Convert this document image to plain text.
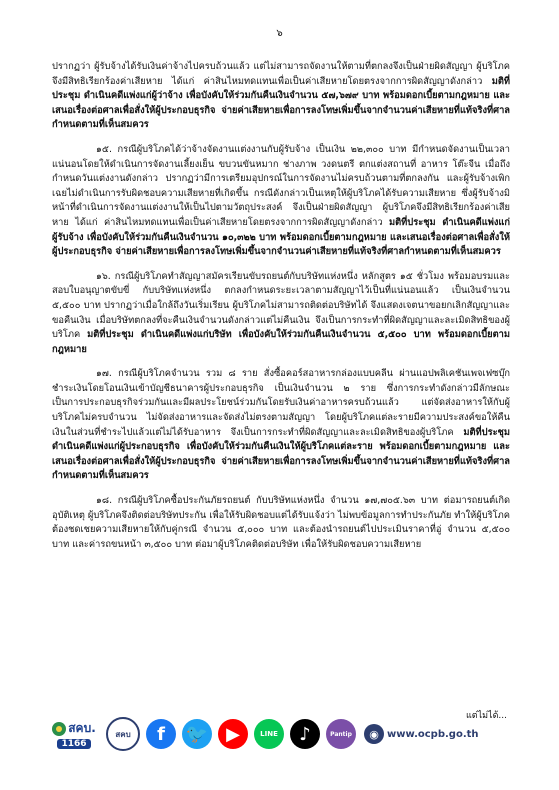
๖

ปรากฏว่า ผู้รับจ้างได้รับเงินค่าจ้างไปครบถ้วนแล้ว แต่ไม่สามารถจัดงานให้ตามที่ตกลงจึงเป็นฝ่ายผิดสัญญา ผู้บริโภคจึงมีสิทธิเรียกร้องค่าเสียหาย ได้แก่ ค่าสินไหมทดแทนเพื่อเป็นค่าเสียหายโดยตรงจากการผิดสัญญาดังกล่าว มติที่ประชุม ดำเนินคดีแพ่งแก่ผู้ว่าจ้าง เพื่อบังคับให้ร่วมกันคืนเงินจำนวน ๕๗,๖๗๙ บาท พร้อมดอกเบี้ยตามกฎหมาย และเสนอเรื่องต่อศาลเพื่อสั่งให้ผู้ประกอบธุรกิจ จ่ายค่าเสียหายเพื่อการลงโทษเพิ่มขึ้นจากจำนวนค่าเสียหายที่แท้จริงที่ศาลกำหนดตามที่เห็นสมควร

๑๕. กรณีผู้บริโภคได้ว่าจ้างจัดงานแต่งงานกับผู้รับจ้าง เป็นเงิน ๒๒,๓๐๐ บาท มีกำหนดจัดงานเป็นเวลาแน่นอนโดยให้ดำเนินการจัดงานเลี้ยงเย็น ขบวนขันหมาก ช่างภาพ วงดนตรี ตกแต่งสถานที่ อาหาร โต๊ะจีน เมื่อถึงกำหนดวันแต่งงานดังกล่าว ปรากฏว่ามีการเตรียมอุปกรณ์ในการจัดงานไม่ครบถ้วนตามที่ตกลงกัน และผู้รับจ้างเพิกเฉยไม่ดำเนินการรับผิดชอบความเสียหายที่เกิดขึ้น กรณีดังกล่าวเป็นเหตุให้ผู้บริโภคได้รับความเสียหาย ซึ่งผู้รับจ้างมิหน้าที่ดำเนินการจัดงานแต่งงานให้เป็นไปตามวัตถุประสงค์ จึงเป็นฝ่ายผิดสัญญา ผู้บริโภคจึงมีสิทธิเรียกร้องค่าเสียหาย ได้แก่ ค่าสินไหมทดแทนเพื่อเป็นค่าเสียหายโดยตรงจากการผิดสัญญาดังกล่าว มติที่ประชุม ดำเนินคดีแพ่งแก่ผู้รับจ้าง เพื่อบังคับให้ร่วมกันคืนเงินจำนวน ๑๐,๓๒๒ บาท พร้อมดอกเบี้ยตามกฎหมาย และเสนอเรื่องต่อศาลเพื่อสั่งให้ผู้ประกอบธุรกิจ จ่ายค่าเสียหายเพื่อการลงโทษเพิ่มขึ้นจากจำนวนค่าเสียหายที่แท้จริงที่ศาลกำหนดตามที่เห็นสมควร

๑๖. กรณีผู้บริโภคทำสัญญาสมัครเรียนขับรถยนต์กับบริษัทแห่งหนึ่ง หลักสูตร ๑๕ ชั่วโมง พร้อมอบรมและสอบใบอนุญาตขับขี่ กับบริษัทแห่งหนึ่ง ตกลงกำหนดระยะเวลาตามสัญญาไว้เป็นที่แน่นอนแล้ว เป็นเงินจำนวน ๕,๕๐๐ บาท ปรากฏว่าเมื่อใกล้ถึงวันเริ่มเรียน ผู้บริโภคไม่สามารถติดต่อบริษัทได้ จึงแสดงเจตนาขอยกเลิกสัญญาและขอคืนเงิน เมื่อบริษัทตกลงที่จะคืนเงินจำนวนดังกล่าวแต่ไม่คืนเงิน จึงเป็นการกระทำที่ผิดสัญญาและละเมิดสิทธิของผู้บริโภค มติที่ประชุม ดำเนินคดีแพ่งแก่บริษัท เพื่อบังคับให้ร่วมกันคืนเงินจำนวน ๕,๕๐๐ บาท พร้อมดอกเบี้ยตามกฎหมาย

๑๗. กรณีผู้บริโภคจำนวน รวม ๘ ราย สั่งซื้อคอร์สอาหารกล่องแบบคลีน ผ่านแอปพลิเคชันเพจเฟซบุ๊ก ชำระเงินโดยโอนเงินเข้าบัญชีธนาคารผู้ประกอบธุรกิจ เป็นเงินจำนวน ๒ ราย ซึ่งการกระทำดังกล่าวมีลักษณะเป็นการประกอบธุรกิจร่วมกันและมีผลประโยชน์ร่วมกันโดยรับเงินค่าอาหารครบถ้วนแล้ว แต่จัดส่งอาหารให้กับผู้บริโภคไม่ครบจำนวน ไม่จัดส่งอาหารและจัดส่งไม่ตรงตามสัญญา โดยผู้บริโภคแต่ละรายมีความประสงค์ขอให้คืนเงินในส่วนที่ชำระไปแล้วแต่ไม่ได้รับอาหาร จึงเป็นการกระทำที่ผิดสัญญาและละเมิดสิทธิของผู้บริโภค มติที่ประชุม ดำเนินคดีแพ่งแก่ผู้ประกอบธุรกิจ เพื่อบังคับให้ร่วมกันคืนเงินให้ผู้บริโภคแต่ละราย พร้อมดอกเบี้ยตามกฎหมาย และเสนอเรื่องต่อศาลเพื่อสั่งให้ผู้ประกอบธุรกิจ จ่ายค่าเสียหายเพื่อการลงโทษเพิ่มขึ้นจากจำนวนค่าเสียหายที่แท้จริงที่ศาลกำหนดตามที่เห็นสมควร

๑๘. กรณีผู้บริโภคซื้อประกันภัยรถยนต์ กับบริษัทแห่งหนึ่ง จำนวน ๑๗,๗๐๕.๖๓ บาท ต่อมารถยนต์เกิดอุบัติเหตุ ผู้บริโภคจึงติดต่อบริษัทประกัน เพื่อให้รับผิดชอบแต่ได้รับแจ้งว่า ไม่พบข้อมูลการทำประกันภัย ทำให้ผู้บริโภคต้องชดเชยความเสียหายให้กับคู่กรณี จำนวน ๕,๐๐๐ บาท และต้องนำรถยนต์ไปประเมินราคาที่อู่ จำนวน ๕,๕๐๐ บาท และค่ารถขนหน้า ๓,๕๐๐ บาท ต่อมาผู้บริโภคติดต่อบริษัท เพื่อให้รับผิดชอบความเสียหาย

แต่ไม่ได้...
สคบ.
1166
สคบ f 🐦 ▶	LINE ♪	Pantip	◉ www.ocpb.go.th
